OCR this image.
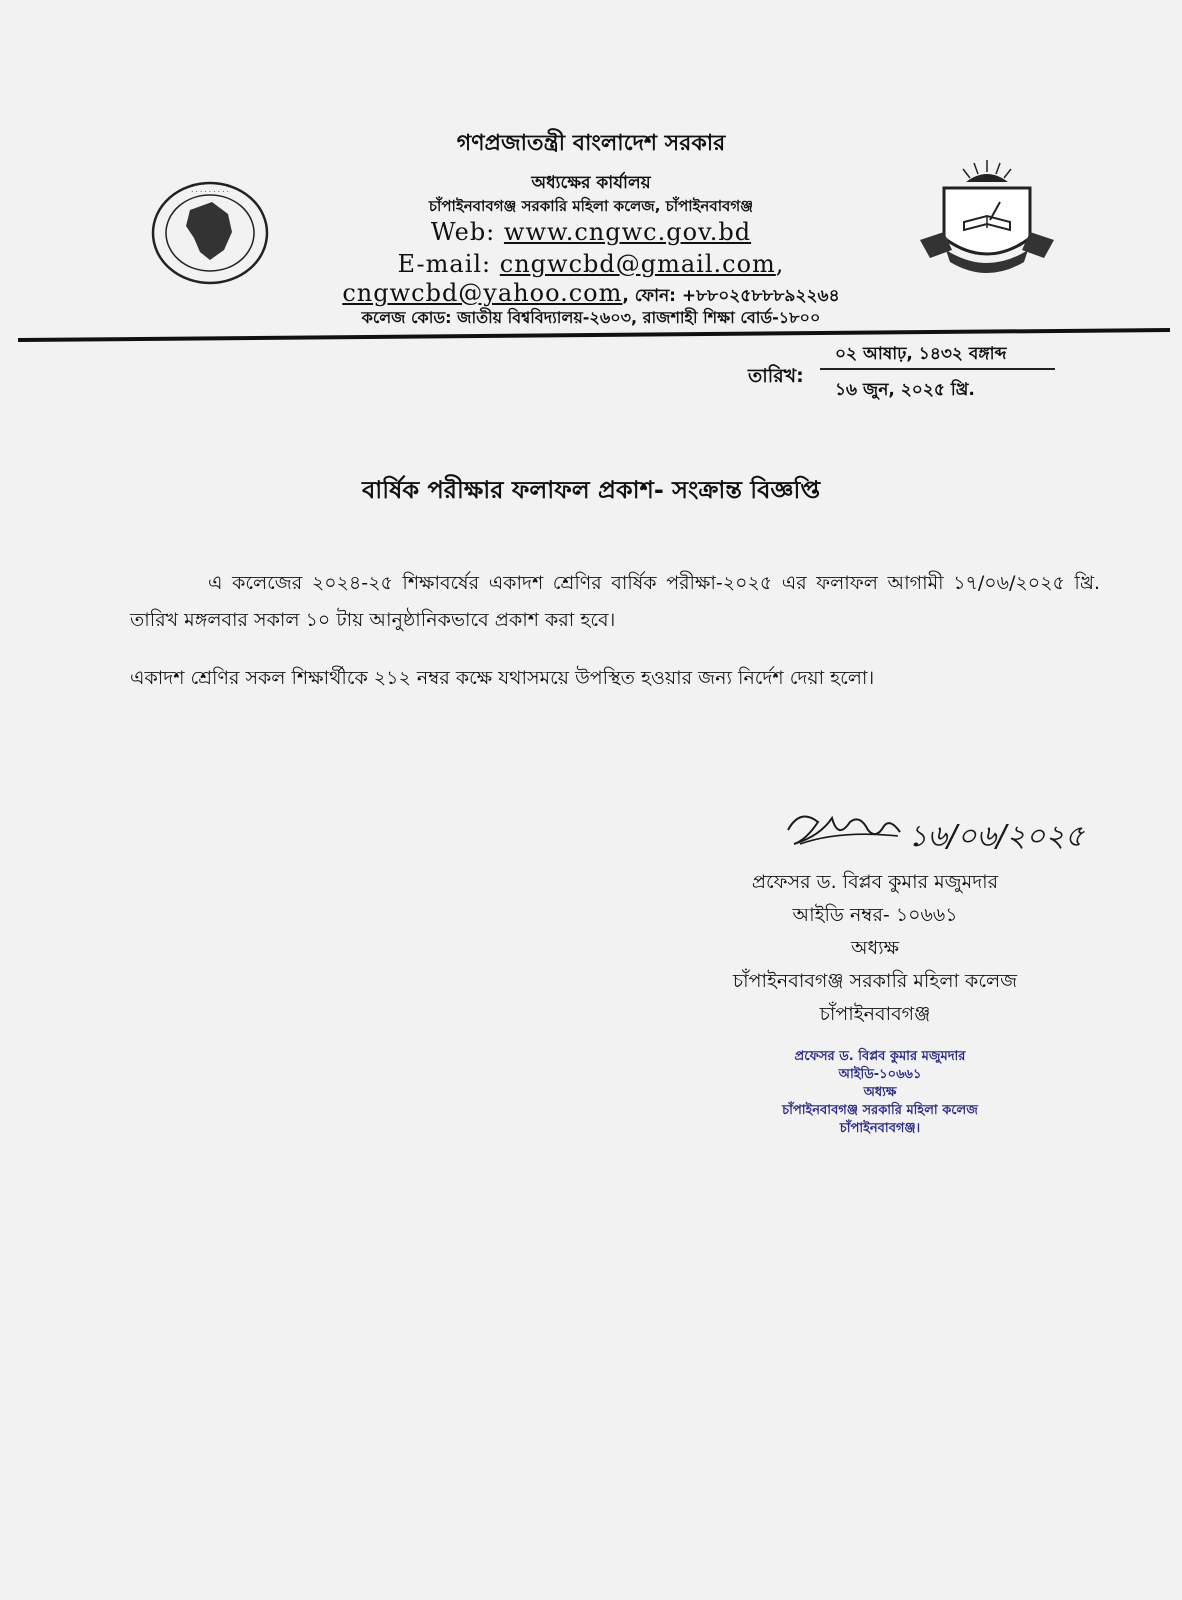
· · · · · · · · ·
গণপ্রজাতন্ত্রী বাংলাদেশ সরকার
অধ্যক্ষের কার্যালয়
চাঁপাইনবাবগঞ্জ সরকারি মহিলা কলেজ, চাঁপাইনবাবগঞ্জ
Web: www.cngwc.gov.bd
E-mail: cngwcbd@gmail.com,
cngwcbd@yahoo.com, ফোন: +৮৮০২৫৮৮৮৯২২৬৪
কলেজ কোড: জাতীয় বিশ্ববিদ্যালয়-২৬০৩, রাজশাহী শিক্ষা বোর্ড-১৮০০
তারিখ:
০২ আষাঢ়, ১৪৩২ বঙ্গাব্দ
১৬ জুন, ২০২৫ খ্রি.
বার্ষিক পরীক্ষার ফলাফল প্রকাশ- সংক্রান্ত বিজ্ঞপ্তি
এ কলেজের ২০২৪-২৫ শিক্ষাবর্ষের একাদশ শ্রেণির বার্ষিক পরীক্ষা-২০২৫ এর ফলাফল আগামী ১৭/০৬/২০২৫ খ্রি. তারিখ মঙ্গলবার সকাল ১০ টায় আনুষ্ঠানিকভাবে প্রকাশ করা হবে।
একাদশ শ্রেণির সকল শিক্ষার্থীকে ২১২ নম্বর কক্ষে যথাসময়ে উপস্থিত হওয়ার জন্য নির্দেশ দেয়া হলো।
১৬/০৬/২০২৫
প্রফেসর ড. বিপ্লব কুমার মজুমদার
আইডি নম্বর- ১০৬৬১
অধ্যক্ষ
চাঁপাইনবাবগঞ্জ সরকারি মহিলা কলেজ
চাঁপাইনবাবগঞ্জ
প্রফেসর ড. বিপ্লব কুমার মজুমদার
আইডি-১০৬৬১
অধ্যক্ষ
চাঁপাইনবাবগঞ্জ সরকারি মহিলা কলেজ
চাঁপাইনবাবগঞ্জ।
